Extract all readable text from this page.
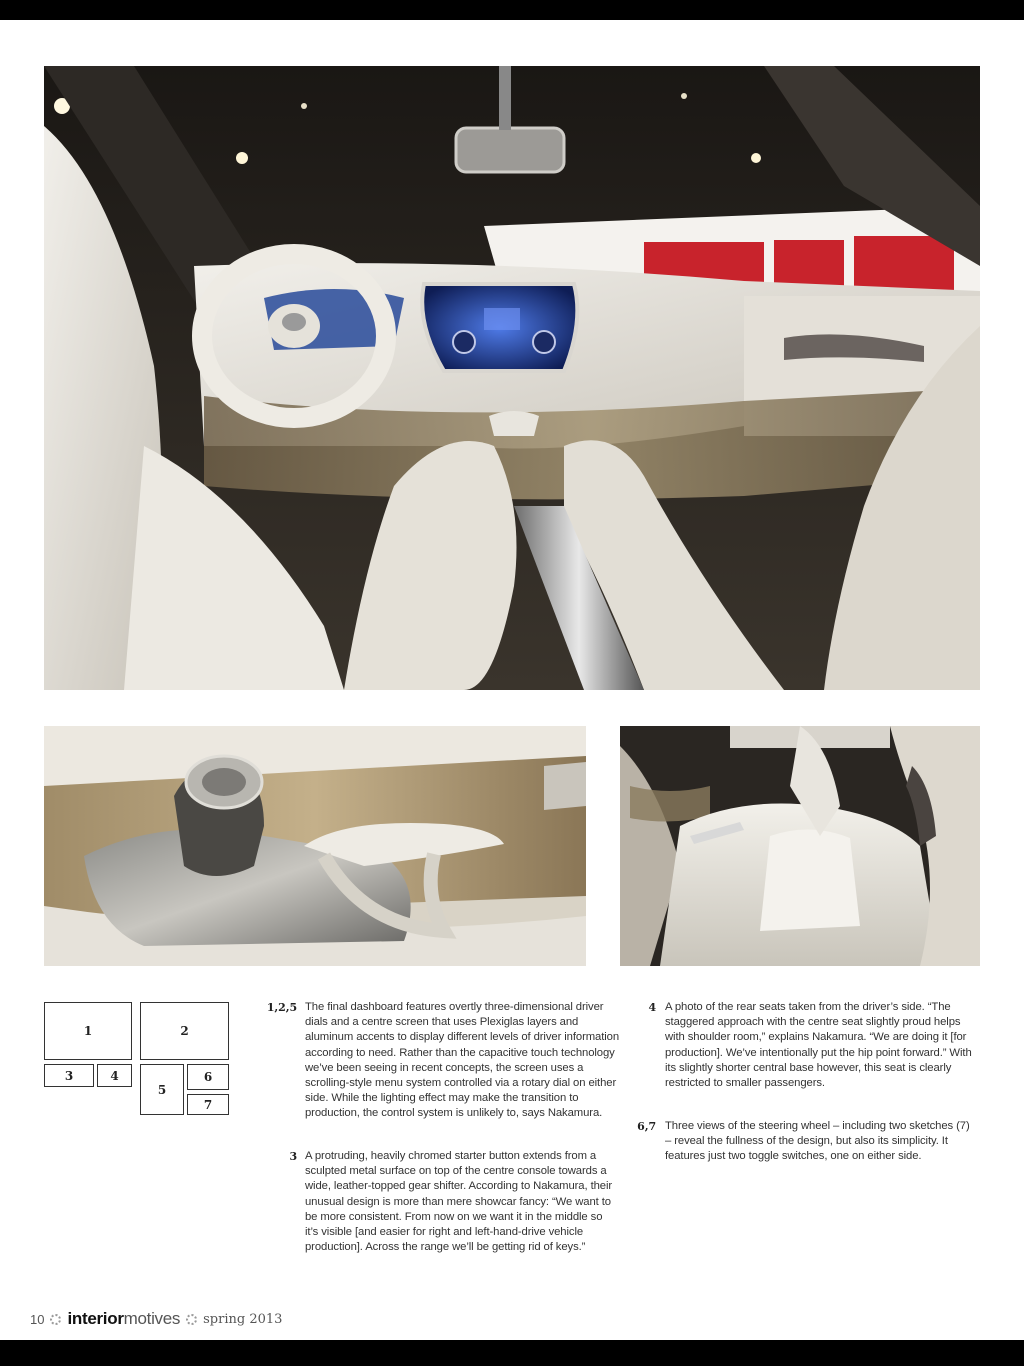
1	2
3	4
5
6
7
1,2,5 The final dashboard features overtly three-dimensional driver dials and a centre screen that uses Plexiglas layers and aluminum accents to display different levels of driver information according to need. Rather than the capacitive touch technology we’ve been seeing in recent concepts, the screen uses a scrolling-style menu system controlled via a rotary dial on either side. While the lighting effect may make the transition to production, the control system is unlikely to, says Nakamura.
3 A protruding, heavily chromed starter button extends from a sculpted metal surface on top of the centre console towards a wide, leather-topped gear shifter. According to Nakamura, their unusual design is more than mere showcar fancy: “We want to be more consistent. From now on we want it in the middle so it’s visible [and easier for right and left-hand-drive vehicle production]. Across the range we’ll be getting rid of keys.”
4 A photo of the rear seats taken from the driver’s side. “The staggered approach with the centre seat slightly proud helps with shoulder room,” explains Nakamura. “We are doing it [for production]. We’ve intentionally put the hip point forward.” With its slightly shorter central base however, this seat is clearly restricted to smaller passengers.
6,7 Three views of the steering wheel – including two sketches (7) – reveal the fullness of the design, but also its simplicity. It features just two toggle switches, one on either side.
10 interior motives spring 2013
